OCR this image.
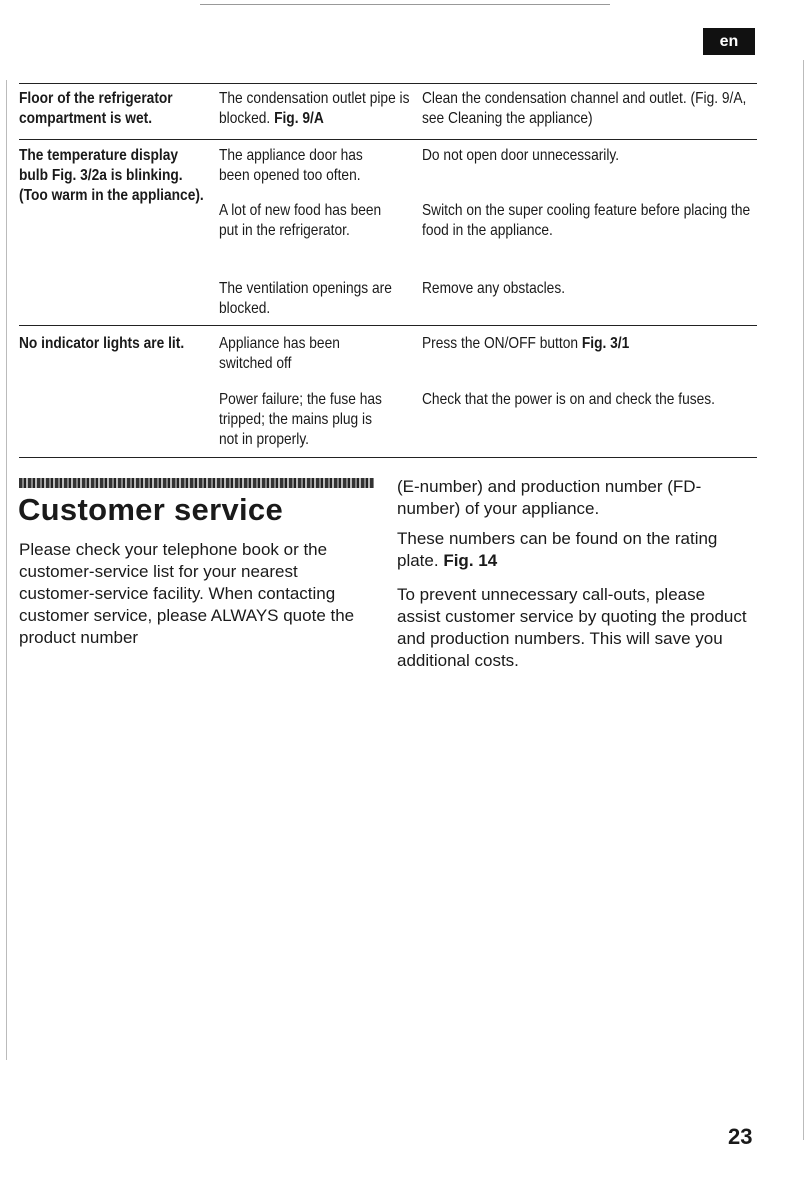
en
Floor of the refrigerator compartment is wet.
The condensation outlet pipe is blocked. Fig. 9/A
Clean the condensation channel and outlet. (Fig. 9/A, see Cleaning the appliance)
The temperature display bulb Fig. 3/2a is blinking. (Too warm in the appliance).
The appliance door has been opened too often.
Do not open door unnecessarily.
A lot of new food has been put in the refrigerator.
Switch on the super cooling feature before placing the food in the appliance.
The ventilation openings are blocked.
Remove any obstacles.
No indicator lights are lit.	Appliance has been switched off
Press the ON/OFF button Fig. 3/1
Power failure; the fuse has tripped; the mains plug is not in properly.
Check that the power is on and check the fuses.
Customer service
Please check your telephone book or the customer-service list for your nearest customer-service facility. When contacting customer service, please ALWAYS quote the product number
(E-number) and production number (FD-number) of your appliance.
These numbers can be found on the rating plate. Fig. 14
To prevent unnecessary call-outs, please assist customer service by quoting the product and production numbers. This will save you additional costs.
23
